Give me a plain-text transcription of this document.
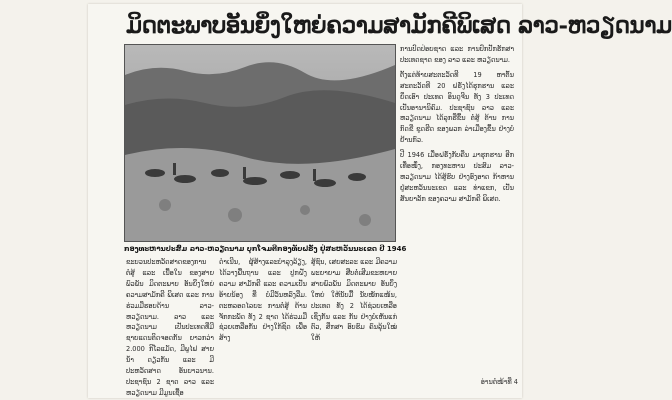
ມິດຕະພາບອັນຍິ່ງໃຫຍ່ຄວາມສາມັກຄີພິເສດ ລາວ-ຫວຽດນາມ
ກອງທະຫານປະສົມ ລາວ-ຫວຽດນາມ ບຸກໂຈມຕີກອງທັບຝຣັ່ງ ຢູ່ສະຫວັນນະເຂດ ປີ 1946
ຂະບວນປະຫວັດສາດຂອງການຕໍ່ສູ້ ແລະ ເນື້ອໃນ ຂອງສາຍພົວພັນ ມິດຕະພາບ ອັນຍິ່ງໃຫຍ່ ຄວາມສາມັກຄີ ພິເສດ ແລະ ການຮ່ວມມືຮອບດ້ານ ລາວ-ຫວຽດນາມ. ລາວ ແລະ ຫວຽດນາມ ເປັນປະເທດທີ່ມີຊາຍແດນຕິດຈອດກັນ ຍາວກວ່າ 2.000 ກິໂລແມັດ, ມີພູໄຟ ສາຍນ້ຳ ດຽວກັນ ແລະ ມີປະຫວັດສາດ ອັນຍາວນານ. ປະຊາຊົນ 2 ຊາດ ລາວ ແລະ ຫວຽດນາມ ມີມູນເຊື້ອ
ດຳເນີນ, ຜູ້ສ້າງແລະບຳລຸງລ້ຽງ, ໄດ້ວາງພື້ນຖານ ແລະ ປູກຝັງຄວາມ ສາມັກຄີ ແລະ ຄວາມເປັນອ້າຍນ້ອງ ທີ່ ບໍ່ມີວັນຫລົງລືມ. ຕະຫລອດໄລຍະ ການຕໍ່ສູ້ ຕ້ານຈັກກະພັດ ທັງ 2 ຊາດ ໄດ້ຮ່ວມມື ຊ່ວຍເຫລືອກັນ ຢ່າງໃກ້ຊິດ ເພື່ອສ້າງ
ສູ້ຊົນ, ເສຍສະລະ ແລະ ມີຄວາມພະຍາຍາມ ສືບຕໍ່ເສີມຂະຫຍາຍ ສາຍພົວພັນ ມິດຕະພາບ ອັນຍິ່ງໃຫຍ່ ໃຫ້ນັບມື້ ນັບໜັກແໜ້ນ, ປະເທດ ທັງ 2 ໄດ້ຊ່ວຍເຫລືອ ເຊິ່ງກັນ ແລະ ກັນ ຢ່າງບໍ່ເຫັນແກ່ຕົວ, ສຶກສາ ອົບຮົມ ຄົນລຸ້ນໃໝ່ ໃຫ້

ການປົດປ່ອຍຊາດ ແລະ ການປົກປັກຮັກສາ ປະເທດຊາດ ຂອງ ລາວ ແລະ ຫວຽດນາມ.

ຕັ້ງແຕ່ທ້າຍສະຕະວັດທີ 19 ຫາຕົ້ນສະຕະວັດທີ 20 ຝຣັ່ງໄດ້ຮຸກຮານ ແລະ ຍຶດເອົາ ປະເທດ ອິນດູຈີນ ທັງ 3 ປະເທດ ເປັນອານານິຄົມ. ປະຊາຊົນ ລາວ ແລະ ຫວຽດນາມ ໄດ້ລຸກຮືຂຶ້ນ ຕໍ່ສູ້ ຕ້ານ ການກົດຂີ່ ຂູດຮີດ ຂອງພວກ ລ່າເມືອງຂຶ້ນ ຢ່າງບໍ່ຢ້ານກົວ.

ປີ 1946 ເມື່ອຝຣັ່ງກັບຄືນ ມາຮຸກຮານ ອີກເທື່ອໜຶ່ງ, ກອງທະຫານ ປະສົມ ລາວ-ຫວຽດນາມ ໄດ້ສູ້ຮົບ ຢ່າງອົງອາດ ກ້າຫານ ຢູ່ສະຫວັນນະເຂດ ແລະ ທ່າແຂກ, ເປັນສັນຍາລັກ ຂອງຄວາມ ສາມັກຄີ ພິເສດ.

ອ່ານຕໍ່ໜ້າທີ່ 4
